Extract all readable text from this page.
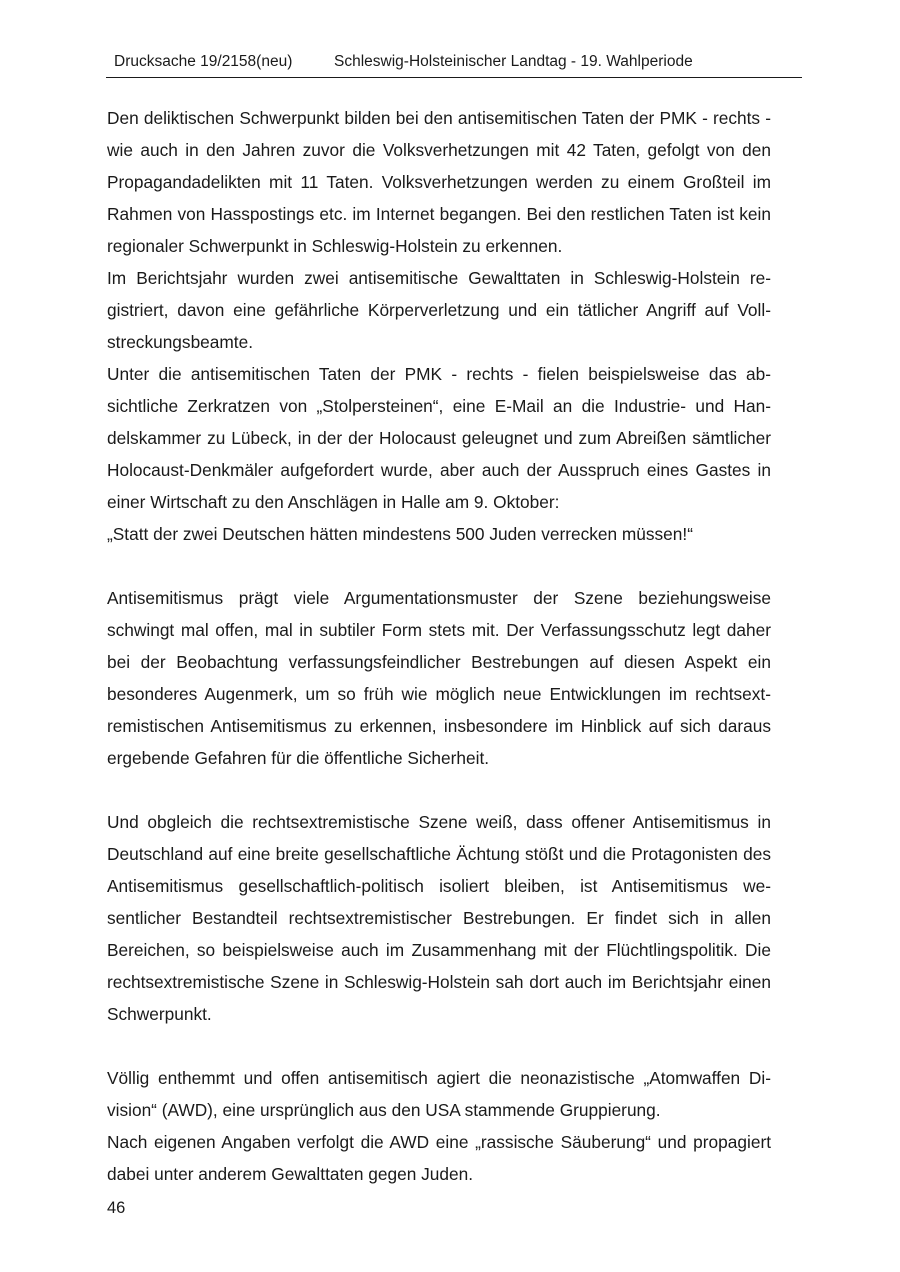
Drucksache 19/2158(neu)	Schleswig-Holsteinischer Landtag - 19. Wahlperiode

Den deliktischen Schwerpunkt bilden bei den antisemitischen Taten der PMK - rechts - wie auch in den Jahren zuvor die Volksverhetzungen mit 42 Taten, gefolgt von den Propagandadelikten mit 11 Taten. Volksverhetzungen werden zu einem Großteil im Rahmen von Hasspostings etc. im Internet begangen. Bei den restlichen Taten ist kein regionaler Schwerpunkt in Schleswig-Holstein zu erkennen.

Im Berichtsjahr wurden zwei antisemitische Gewalttaten in Schleswig-Holstein registriert, davon eine gefährliche Körperverletzung und ein tätlicher Angriff auf Vollstreckungsbeamte.

Unter die antisemitischen Taten der PMK - rechts - fielen beispielsweise das absichtliche Zerkratzen von „Stolpersteinen“, eine E-Mail an die Industrie- und Handelskammer zu Lübeck, in der der Holocaust geleugnet und zum Abreißen sämtlicher Holocaust-Denkmäler aufgefordert wurde, aber auch der Ausspruch eines Gastes in einer Wirtschaft zu den Anschlägen in Halle am 9. Oktober:

„Statt der zwei Deutschen hätten mindestens 500 Juden verrecken müssen!“

Antisemitismus prägt viele Argumentationsmuster der Szene beziehungsweise schwingt mal offen, mal in subtiler Form stets mit. Der Verfassungsschutz legt daher bei der Beobachtung verfassungsfeindlicher Bestrebungen auf diesen Aspekt ein besonderes Augenmerk, um so früh wie möglich neue Entwicklungen im rechtsextremistischen Antisemitismus zu erkennen, insbesondere im Hinblick auf sich daraus ergebende Gefahren für die öffentliche Sicherheit.

Und obgleich die rechtsextremistische Szene weiß, dass offener Antisemitismus in Deutschland auf eine breite gesellschaftliche Ächtung stößt und die Protagonisten des Antisemitismus gesellschaftlich-politisch isoliert bleiben, ist Antisemitismus wesentlicher Bestandteil rechtsextremistischer Bestrebungen. Er findet sich in allen Bereichen, so beispielsweise auch im Zusammenhang mit der Flüchtlingspolitik. Die rechtsextremistische Szene in Schleswig-Holstein sah dort auch im Berichtsjahr einen Schwerpunkt.

Völlig enthemmt und offen antisemitisch agiert die neonazistische „Atomwaffen Division“ (AWD), eine ursprünglich aus den USA stammende Gruppierung.

Nach eigenen Angaben verfolgt die AWD eine „rassische Säuberung“ und propagiert dabei unter anderem Gewalttaten gegen Juden.

46
